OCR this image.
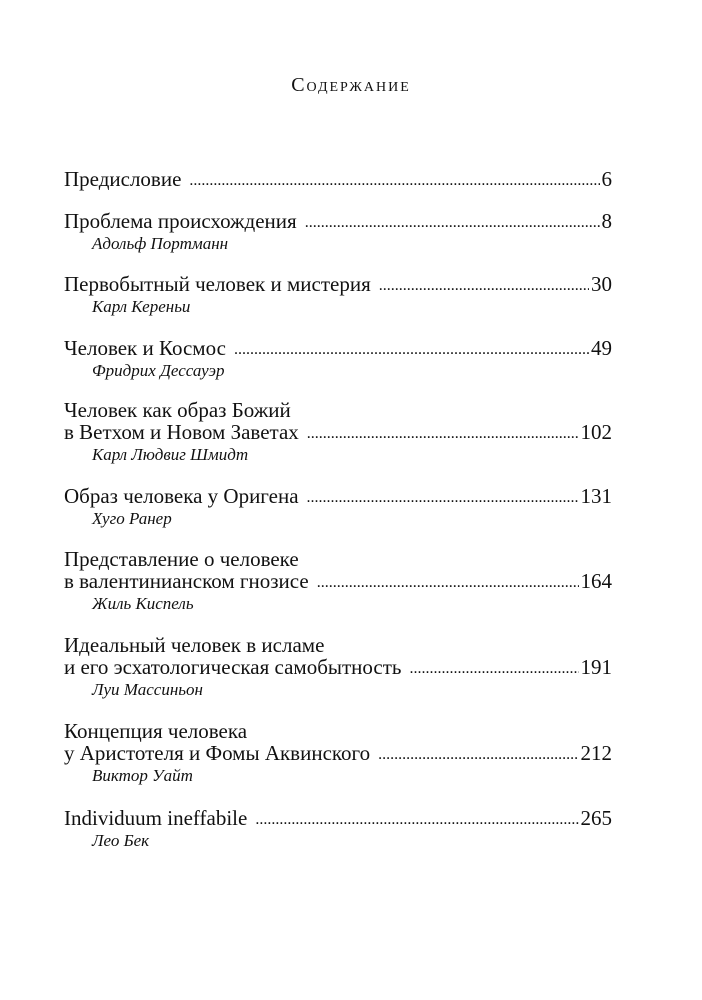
Содержание
Предисловие .....	6
Проблема происхождения .....	8
Адольф Портманн
Первобытный человек и мистерия .....	30
Карл Кереньи
Человек и Космос .....	49
Фридрих Дессауэр
Человек как образ Божий
в Ветхом и Новом Заветах .....	102
Карл Людвиг Шмидт
Образ человека у Оригена .....	131
Хуго Ранер
Представление о человеке
в валентинианском гнозисе .....	164
Жиль Киспель
Идеальный человек в исламе
и его эсхатологическая самобытность .....	191
Луи Массиньон
Концепция человека
у Аристотеля и Фомы Аквинского .....	212
Виктор Уайт
Individuum ineffabile .....	265
Лео Бек
